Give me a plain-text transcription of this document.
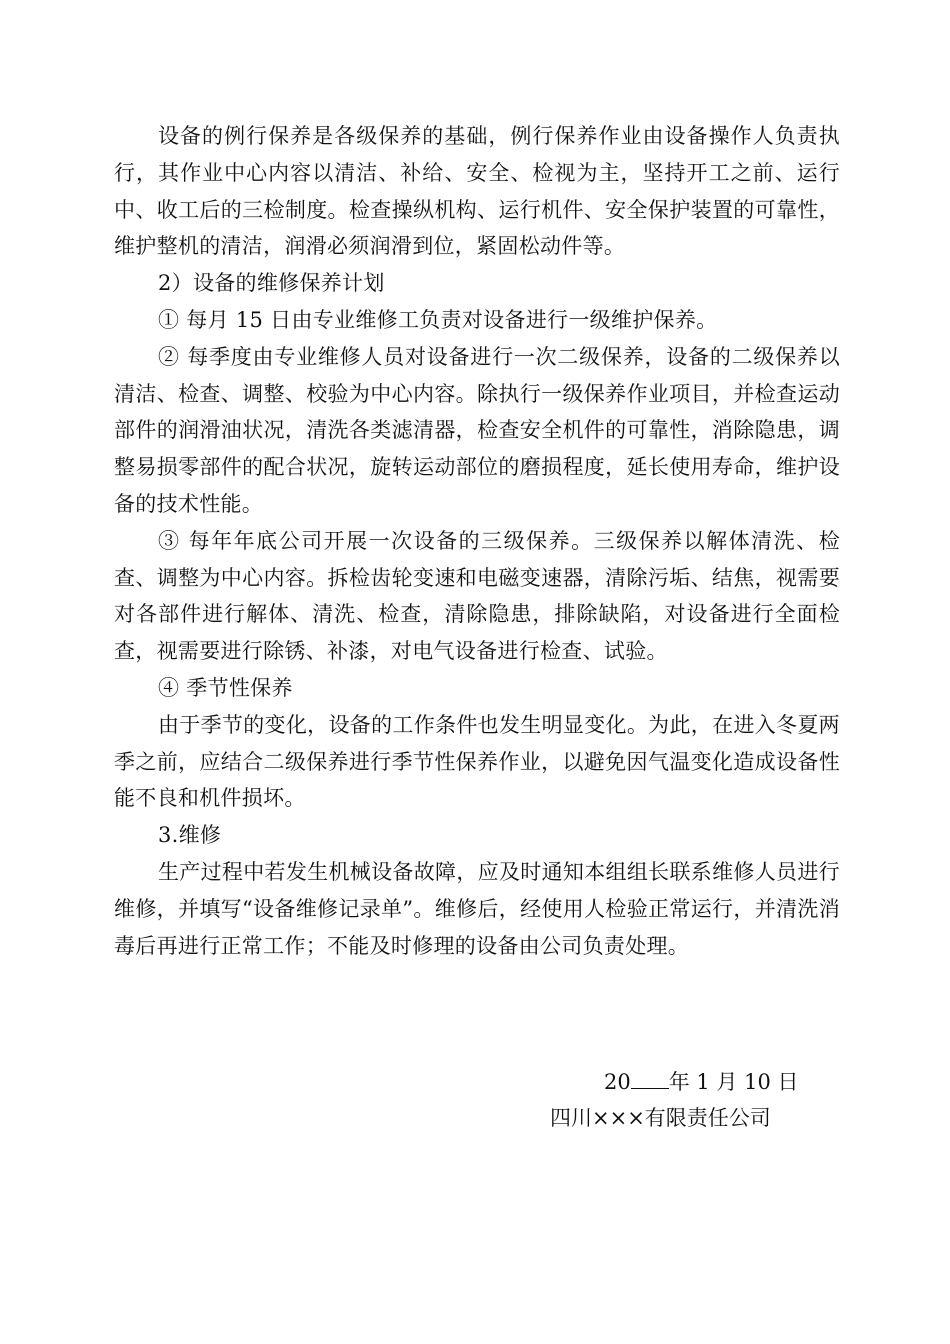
设备的例行保养是各级保养的基础，例行保养作业由设备操作人负责执行，其作业中心内容以清洁、补给、安全、检视为主，坚持开工之前、运行中、收工后的三检制度。检查操纵机构、运行机件、安全保护装置的可靠性，维护整机的清洁，润滑必须润滑到位，紧固松动件等。

2）设备的维修保养计划

① 每月 15 日由专业维修工负责对设备进行一级维护保养。

② 每季度由专业维修人员对设备进行一次二级保养，设备的二级保养以清洁、检查、调整、校验为中心内容。除执行一级保养作业项目，并检查运动部件的润滑油状况，清洗各类滤清器，检查安全机件的可靠性，消除隐患，调整易损零部件的配合状况，旋转运动部位的磨损程度，延长使用寿命，维护设备的技术性能。

③ 每年年底公司开展一次设备的三级保养。三级保养以解体清洗、检查、调整为中心内容。拆检齿轮变速和电磁变速器，清除污垢、结焦，视需要对各部件进行解体、清洗、检查，清除隐患，排除缺陷，对设备进行全面检查，视需要进行除锈、补漆，对电气设备进行检查、试验。

④ 季节性保养

由于季节的变化，设备的工作条件也发生明显变化。为此，在进入冬夏两季之前，应结合二级保养进行季节性保养作业，以避免因气温变化造成设备性能不良和机件损坏。

3.维修

生产过程中若发生机械设备故障，应及时通知本组组长联系维修人员进行维修，并填写“设备维修记录单”。维修后，经使用人检验正常运行，并清洗消毒后再进行正常工作；不能及时修理的设备由公司负责处理。

20 年 1 月 10 日
四川×××有限责任公司
